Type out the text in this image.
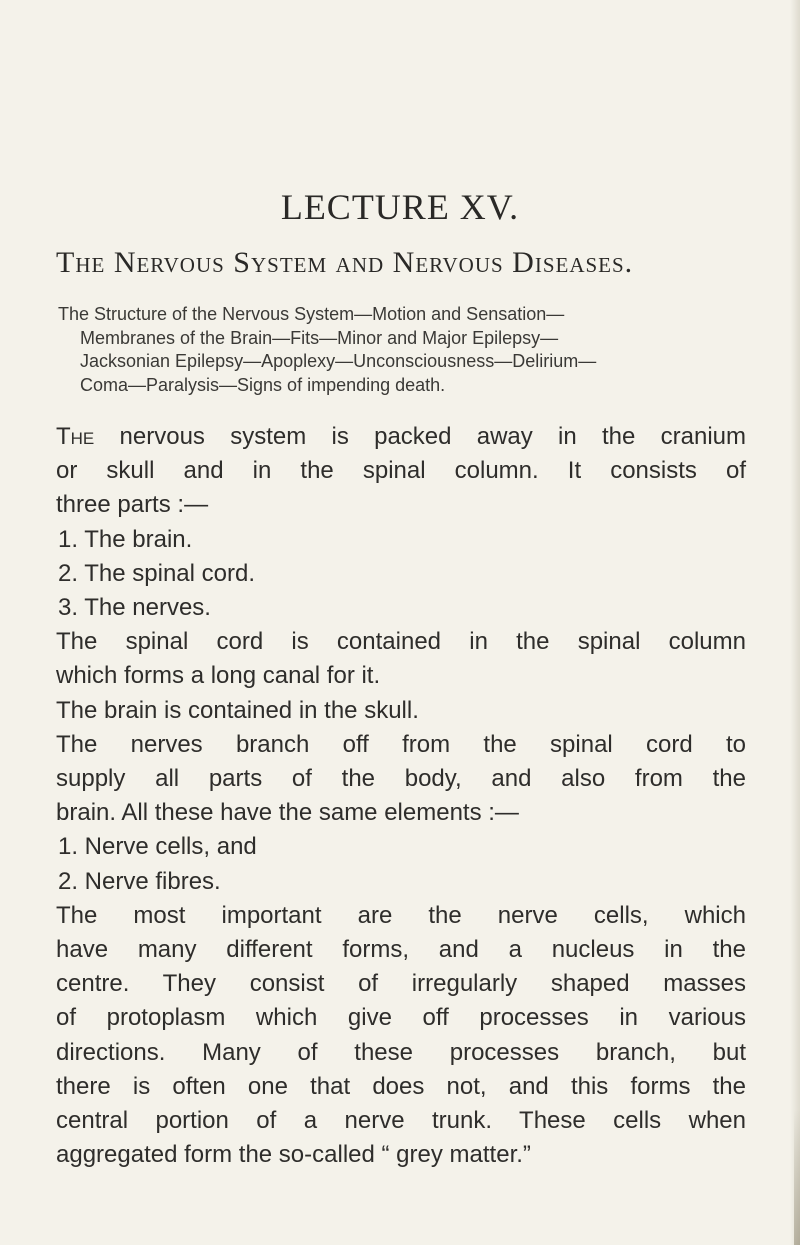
LECTURE XV.
The Nervous System and Nervous Diseases.

The Structure of the Nervous System—Motion and Sensation—
Membranes of the Brain—Fits—Minor and Major Epilepsy—
Jacksonian Epilepsy—Apoplexy—Unconsciousness—Delirium—
Coma—Paralysis—Signs of impending death.

The nervous system is packed away in the cranium
or skull and in the spinal column. It consists of
three parts :—
1. The brain.
2. The spinal cord.
3. The nerves.
The spinal cord is contained in the spinal column
which forms a long canal for it.
The brain is contained in the skull.
The nerves branch off from the spinal cord to
supply all parts of the body, and also from the
brain. All these have the same elements :—
1. Nerve cells, and
2. Nerve fibres.
The most important are the nerve cells, which
have many different forms, and a nucleus in the
centre. They consist of irregularly shaped masses
of protoplasm which give off processes in various
directions. Many of these processes branch, but
there is often one that does not, and this forms the
central portion of a nerve trunk. These cells when
aggregated form the so-called “ grey matter.”
